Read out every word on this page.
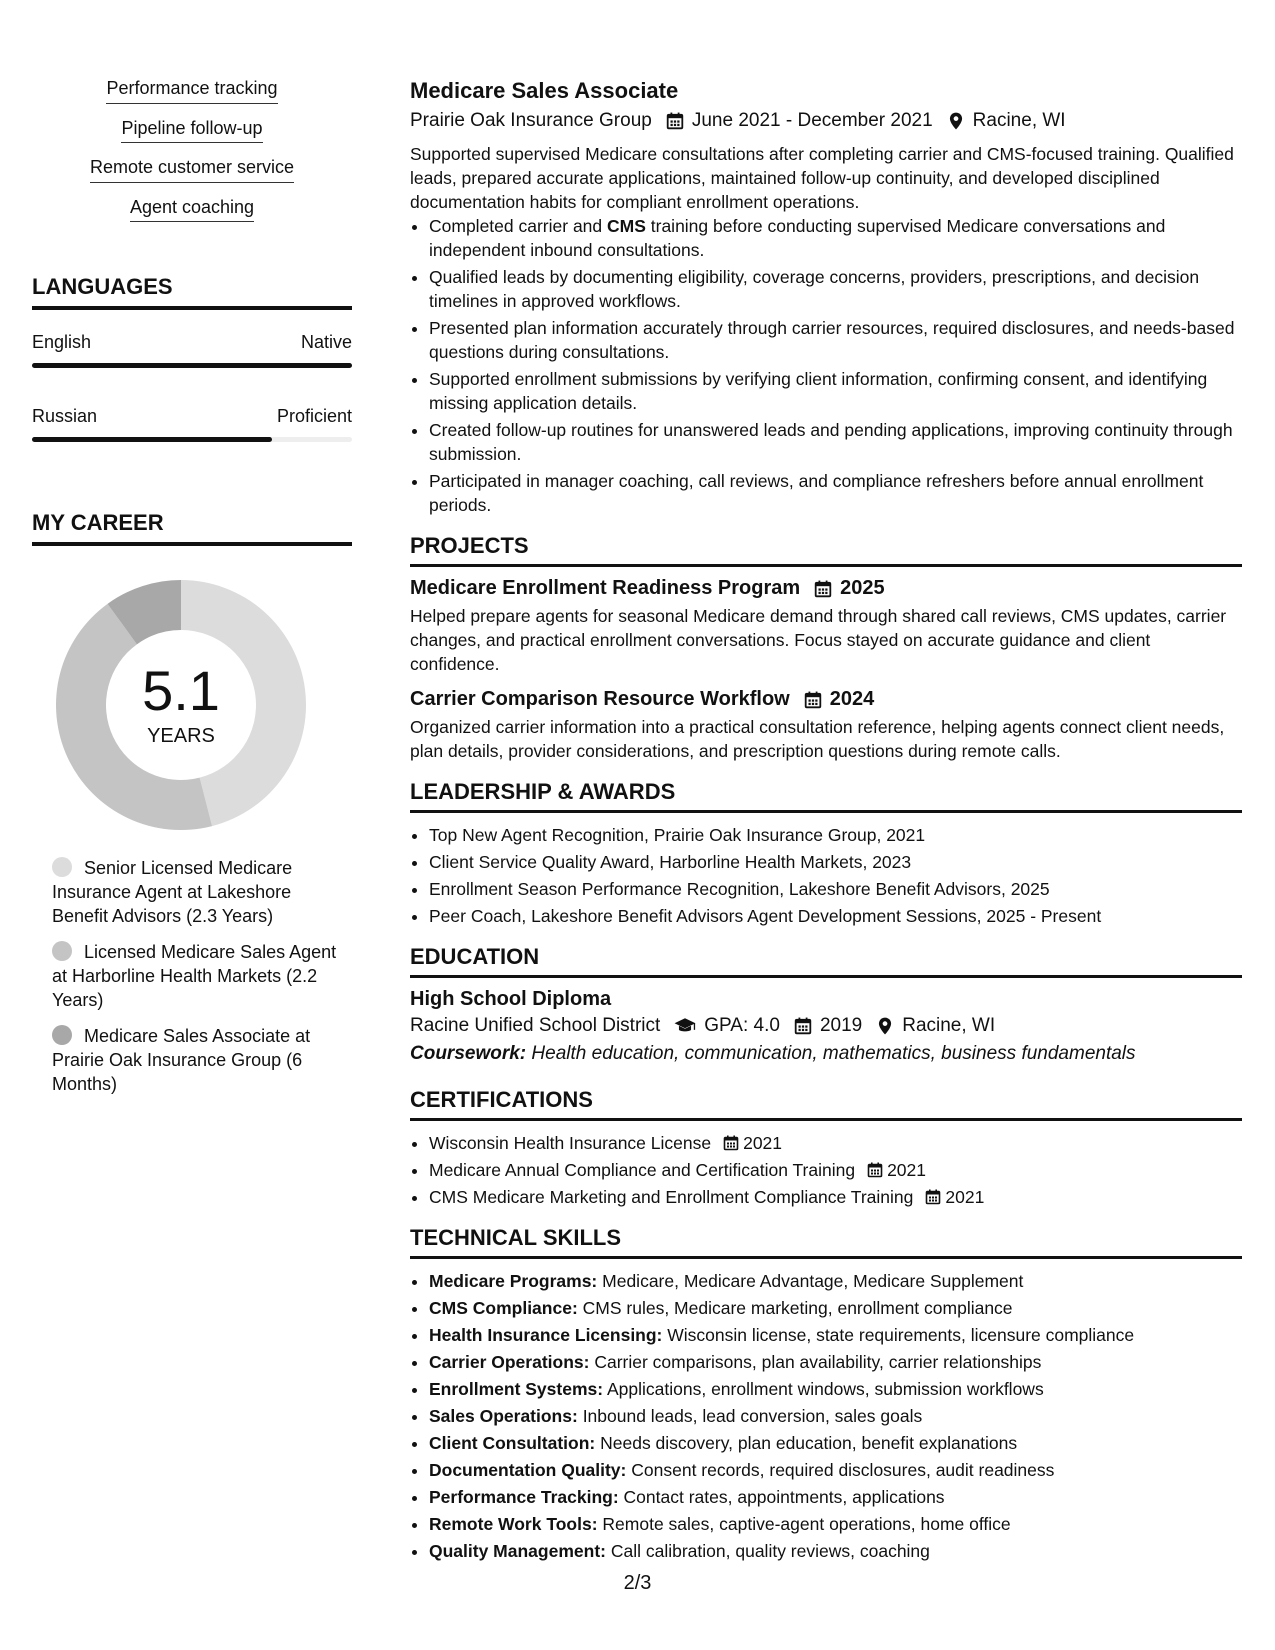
Performance tracking
Pipeline follow-up
Remote customer service
Agent coaching
LANGUAGES
English	Native
Russian	Proficient
MY CAREER
5.1
YEARS
Senior Licensed Medicare Insurance Agent at Lakeshore Benefit Advisors (2.3 Years)
Licensed Medicare Sales Agent at Harborline Health Markets (2.2 Years)
Medicare Sales Associate at Prairie Oak Insurance Group (6 Months)
Medicare Sales Associate
Prairie Oak Insurance Group June 2021 - December 2021 Racine, WI

Supported supervised Medicare consultations after completing carrier and CMS-focused training. Qualified leads, prepared accurate applications, maintained follow-up continuity, and developed disciplined documentation habits for compliant enrollment operations.

• Completed carrier and CMS training before conducting supervised Medicare conversations and independent inbound consultations.
• Qualified leads by documenting eligibility, coverage concerns, providers, prescriptions, and decision timelines in approved workflows.
• Presented plan information accurately through carrier resources, required disclosures, and needs-based questions during consultations.
• Supported enrollment submissions by verifying client information, confirming consent, and identifying missing application details.
• Created follow-up routines for unanswered leads and pending applications, improving continuity through submission.
• Participated in manager coaching, call reviews, and compliance refreshers before annual enrollment periods.
PROJECTS
Medicare Enrollment Readiness Program 2025

Helped prepare agents for seasonal Medicare demand through shared call reviews, CMS updates, carrier changes, and practical enrollment conversations. Focus stayed on accurate guidance and client confidence.

Carrier Comparison Resource Workflow 2024

Organized carrier information into a practical consultation reference, helping agents connect client needs, plan details, provider considerations, and prescription questions during remote calls.

LEADERSHIP & AWARDS
• Top New Agent Recognition, Prairie Oak Insurance Group, 2021
• Client Service Quality Award, Harborline Health Markets, 2023
• Enrollment Season Performance Recognition, Lakeshore Benefit Advisors, 2025
• Peer Coach, Lakeshore Benefit Advisors Agent Development Sessions, 2025 - Present
EDUCATION
High School Diploma
Racine Unified School District GPA: 4.0 2019 Racine, WI
Coursework: Health education, communication, mathematics, business fundamentals
CERTIFICATIONS
• Wisconsin Health Insurance License 2021
• Medicare Annual Compliance and Certification Training 2021
• CMS Medicare Marketing and Enrollment Compliance Training 2021
TECHNICAL SKILLS
• Medicare Programs: Medicare, Medicare Advantage, Medicare Supplement
• CMS Compliance: CMS rules, Medicare marketing, enrollment compliance
• Health Insurance Licensing: Wisconsin license, state requirements, licensure compliance
• Carrier Operations: Carrier comparisons, plan availability, carrier relationships
• Enrollment Systems: Applications, enrollment windows, submission workflows
• Sales Operations: Inbound leads, lead conversion, sales goals
• Client Consultation: Needs discovery, plan education, benefit explanations
• Documentation Quality: Consent records, required disclosures, audit readiness
• Performance Tracking: Contact rates, appointments, applications
• Remote Work Tools: Remote sales, captive-agent operations, home office
• Quality Management: Call calibration, quality reviews, coaching
2/3
